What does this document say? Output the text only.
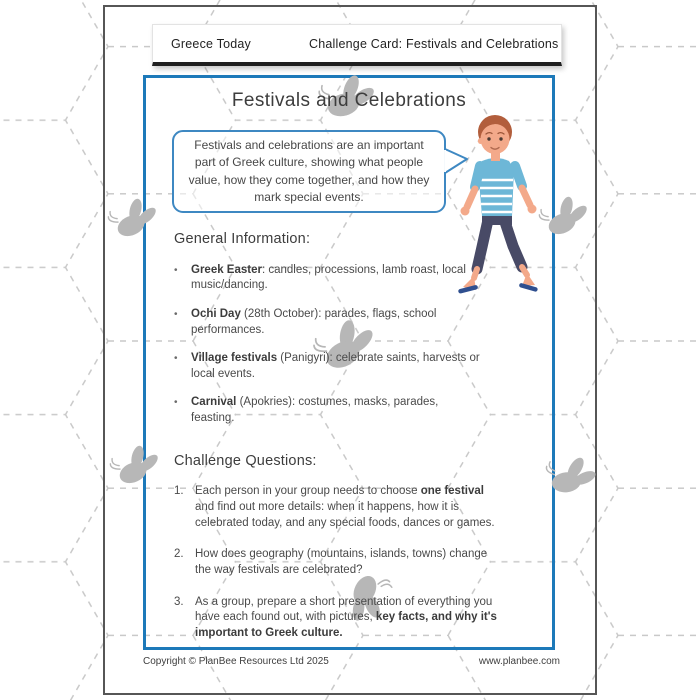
Greece Today	Challenge Card: Festivals and Celebrations
Festivals and Celebrations
Festivals and celebrations are an important part of Greek culture, showing what people value, how they come together, and how they mark special events.
General Information:
•	Greek Easter: candles, processions, lamb roast, local music/dancing.
•	Ochi Day (28th October): parades, flags, school performances.
•	Village festivals (Panigyri): celebrate saints, harvests or local events.
•	Carnival (Apokries): costumes, masks, parades, feasting.
Challenge Questions:
1. Each person in your group needs to choose one festival and find out more details: when it happens, how it is celebrated today, and any special foods, dances or games.
2. How does geography (mountains, islands, towns) change the way festivals are celebrated?
3. As a group, prepare a short presentation of everything you have each found out, with pictures, key facts, and why it's important to Greek culture.
Copyright © PlanBee Resources Ltd 2025	www.planbee.com
